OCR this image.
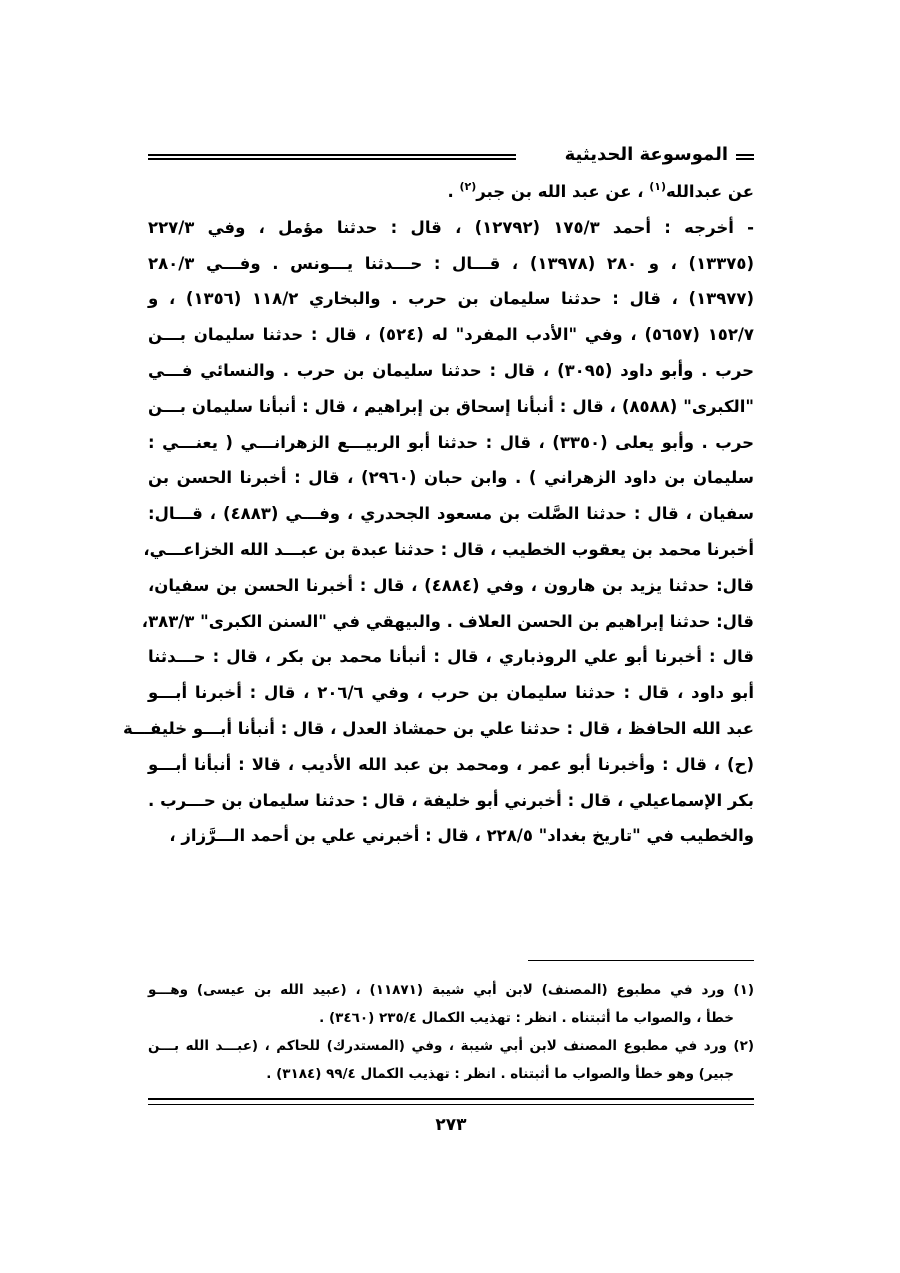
الموسوعة الحديثية
عن عبدالله$^{(١)}$ ، عن عبد الله بن جبر$^{(٢)}$ .
- أخرجه : أحمد ١٧٥/٣ (١٢٧٩٢) ، قال : حدثنا مؤمل ، وفي ٢٢٧/٣
(١٣٣٧٥) ، و ٢٨٠ (١٣٩٧٨) ، قـــال : حـــدثنا يـــونس . وفـــي ٢٨٠/٣
(١٣٩٧٧) ، قال : حدثنا سليمان بن حرب . والبخاري ١١٨/٢ (١٣٥٦) ، و
١٥٢/٧ (٥٦٥٧) ، وفي "الأدب المفرد" له (٥٢٤) ، قال : حدثنا سليمان بـــن
حرب . وأبو داود (٣٠٩٥) ، قال : حدثنا سليمان بن حرب . والنسائي فـــي
"الكبرى" (٨٥٨٨) ، قال : أنبأنا إسحاق بن إبراهيم ، قال : أنبأنا سليمان بـــن
حرب . وأبو يعلى (٣٣٥٠) ، قال : حدثنا أبو الربيـــع الزهرانـــي ( يعنـــي :
سليمان بن داود الزهراني ) . وابن حبان (٢٩٦٠) ، قال : أخبرنا الحسن بن
سفيان ، قال : حدثنا الصَّلت بن مسعود الجحدري ، وفـــي (٤٨٨٣) ، قـــال:
أخبرنا محمد بن يعقوب الخطيب ، قال : حدثنا عبدة بن عبـــد الله الخزاعـــي،
قال: حدثنا يزيد بن هارون ، وفي (٤٨٨٤) ، قال : أخبرنا الحسن بن سفيان،
قال: حدثنا إبراهيم بن الحسن العلاف . والبيهقي في "السنن الكبرى" ٣٨٣/٣،
قال : أخبرنا أبو علي الروذباري ، قال : أنبأنا محمد بن بكر ، قال : حـــدثنا
أبو داود ، قال : حدثنا سليمان بن حرب ، وفي ٢٠٦/٦ ، قال : أخبرنا أبـــو
عبد الله الحافظ ، قال : حدثنا علي بن حمشاذ العدل ، قال : أنبأنا أبـــو خليفـــة
(ح) ، قال : وأخبرنا أبو عمر ، ومحمد بن عبد الله الأديب ، قالا : أنبأنا أبـــو
بكر الإسماعيلي ، قال : أخبرني أبو خليفة ، قال : حدثنا سليمان بن حـــرب .
والخطيب في "تاريخ بغداد" ٢٢٨/٥ ، قال : أخبرني علي بن أحمد الـــرَّزاز ،
(١) ورد في مطبوع (المصنف) لابن أبي شيبة (١١٨٧١) ، (عبيد الله بن عيسى) وهـــو
خطأ ، والصواب ما أثبتناه . انظر : تهذيب الكمال ٢٣٥/٤ (٣٤٦٠) .
(٢) ورد في مطبوع المصنف لابن أبي شيبة ، وفي (المستدرك) للحاكم ، (عبـــد الله بـــن
جبير) وهو خطأ والصواب ما أثبتناه . انظر : تهذيب الكمال ٩٩/٤ (٣١٨٤) .
٢٧٣
